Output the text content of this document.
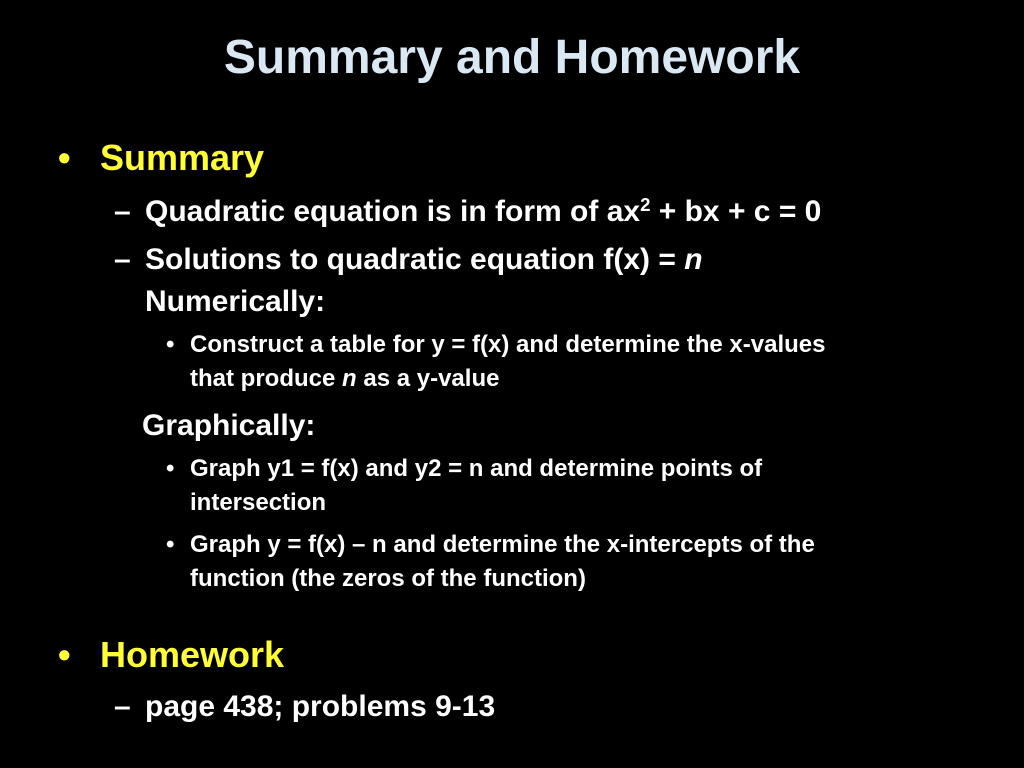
Summary and Homework
• Summary
– Quadratic equation is in form of $ax^2$ + bx + c = 0
– Solutions to quadratic equation f(x) = n
Numerically:
• Construct a table for y = f(x) and determine the x-values
that produce n as a y-value
Graphically:
• Graph y1 = f(x) and y2 = n and determine points of
intersection
• Graph y = f(x) – n and determine the x-intercepts of the
function (the zeros of the function)
• Homework
– page 438; problems 9-13
